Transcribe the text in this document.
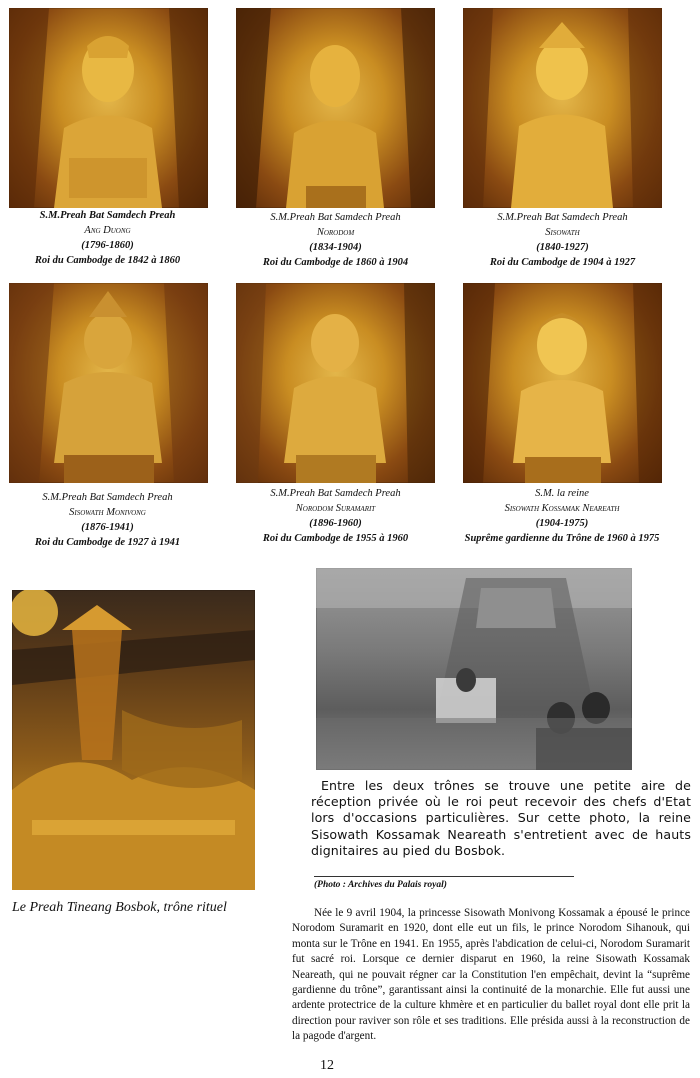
S.M.Preah Bat Samdech Preah
Ang Duong
(1796-1860)
Roi du Cambodge de 1842 à 1860
S.M.Preah Bat Samdech Preah
Norodom
(1834-1904)
Roi du Cambodge de 1860 à 1904
S.M.Preah Bat Samdech Preah
Sisowath
(1840-1927)
Roi du Cambodge de 1904 à 1927
S.M.Preah Bat Samdech Preah
Sisowath Monivong
(1876-1941)
Roi du Cambodge de 1927 à 1941
S.M.Preah Bat Samdech Preah
Norodom Suramarit
(1896-1960)
Roi du Cambodge de 1955 à 1960
S.M. la reine
Sisowath Kossamak Neareath
(1904-1975)
Suprême gardienne du Trône de 1960 à 1975
Entre les deux trônes se trouve une petite aire de réception privée où le roi peut recevoir des chefs d'Etat lors d'occasions particulières. Sur cette photo, la reine Sisowath Kossamak Neareath s'entretient avec de hauts dignitaires au pied du Bosbok.
(Photo : Archives du Palais royal)
Le Preah Tineang Bosbok, trône rituel	Née le 9 avril 1904, la princesse Sisowath Monivong Kossamak a épousé le prince Norodom Suramarit en 1920, dont elle eut un fils, le prince Norodom Sihanouk, qui monta sur le Trône en 1941. En 1955, après l'abdication de celui-ci, Norodom Suramarit fut sacré roi. Lorsque ce dernier disparut en 1960, la reine Sisowath Kossamak Neareath, qui ne pouvait régner car la Constitution l'en empêchait, devint la “suprême gardienne du trône”, garantissant ainsi la continuité de la monarchie. Elle fut aussi une ardente protectrice de la culture khmère et en particulier du ballet royal dont elle prit la direction pour raviver son rôle et ses traditions. Elle présida aussi à la reconstruction de la pagode d'argent.
12
